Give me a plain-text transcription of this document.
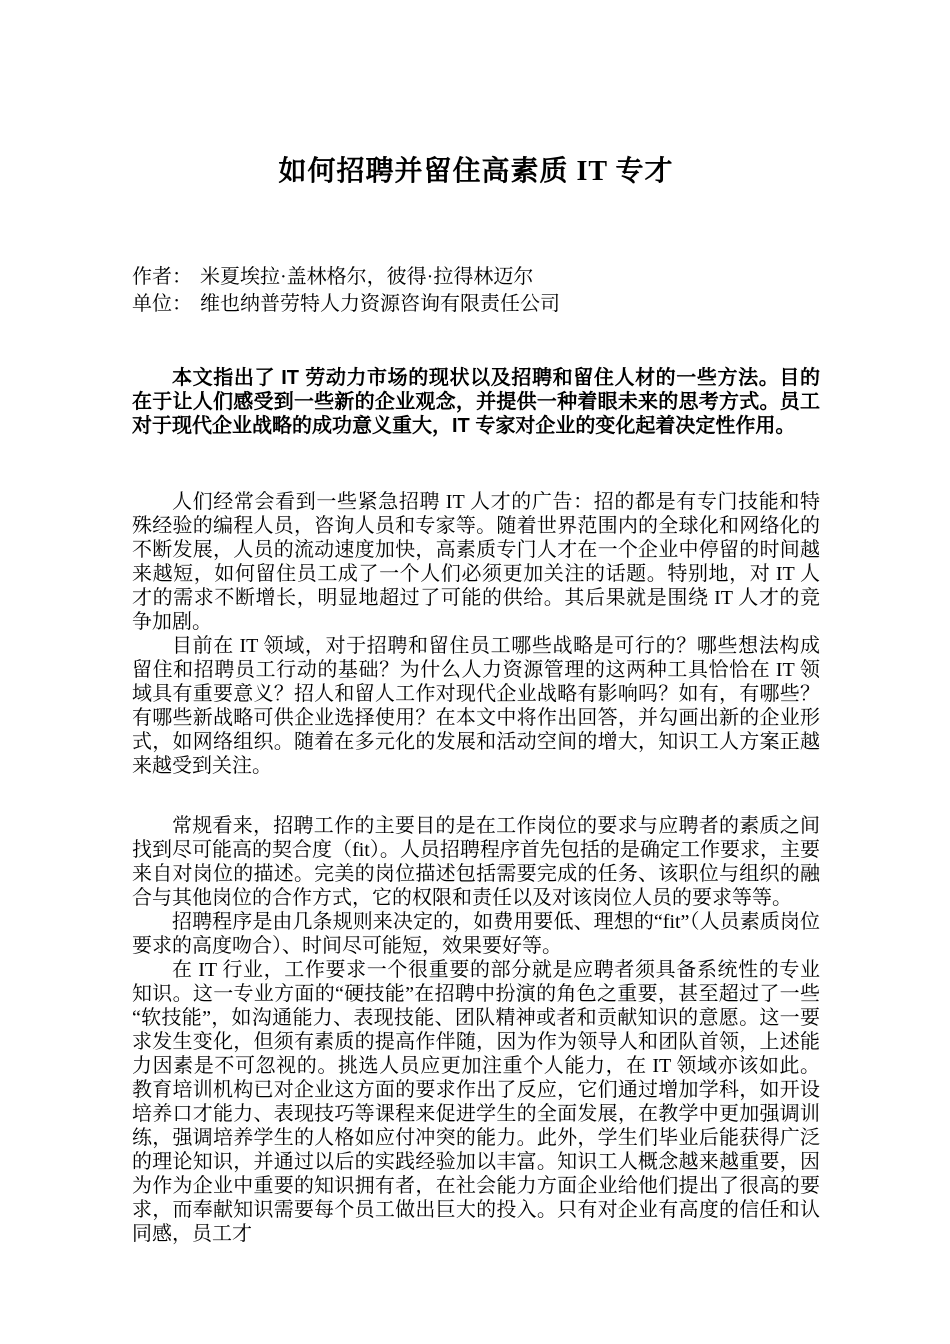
如何招聘并留住高素质 IT 专才
作者： 米夏埃拉·盖林格尔，彼得·拉得林迈尔
单位： 维也纳普劳特人力资源咨询有限责任公司

本文指出了 IT 劳动力市场的现状以及招聘和留住人材的一些方法。目的在于让人们感受到一些新的企业观念，并提供一种着眼未来的思考方式。员工对于现代企业战略的成功意义重大，IT 专家对企业的变化起着决定性作用。

人们经常会看到一些紧急招聘 IT 人才的广告：招的都是有专门技能和特殊经验的编程人员，咨询人员和专家等。随着世界范围内的全球化和网络化的不断发展，人员的流动速度加快，高素质专门人才在一个企业中停留的时间越来越短，如何留住员工成了一个人们必须更加关注的话题。特别地，对 IT 人才的需求不断增长，明显地超过了可能的供给。其后果就是围绕 IT 人才的竞争加剧。

目前在 IT 领域，对于招聘和留住员工哪些战略是可行的？哪些想法构成留住和招聘员工行动的基础？为什么人力资源管理的这两种工具恰恰在 IT 领域具有重要意义？招人和留人工作对现代企业战略有影响吗？如有，有哪些？有哪些新战略可供企业选择使用？在本文中将作出回答，并勾画出新的企业形式，如网络组织。随着在多元化的发展和活动空间的增大，知识工人方案正越来越受到关注。

常规看来，招聘工作的主要目的是在工作岗位的要求与应聘者的素质之间找到尽可能高的契合度（fit）。人员招聘程序首先包括的是确定工作要求，主要来自对岗位的描述。完美的岗位描述包括需要完成的任务、该职位与组织的融合与其他岗位的合作方式，它的权限和责任以及对该岗位人员的要求等等。

招聘程序是由几条规则来决定的，如费用要低、理想的“fit”（人员素质岗位要求的高度吻合）、时间尽可能短，效果要好等。

在 IT 行业，工作要求一个很重要的部分就是应聘者须具备系统性的专业知识。这一专业方面的“硬技能”在招聘中扮演的角色之重要，甚至超过了一些“软技能”，如沟通能力、表现技能、团队精神或者和贡献知识的意愿。这一要求发生变化，但须有素质的提高作伴随，因为作为领导人和团队首领，上述能力因素是不可忽视的。挑选人员应更加注重个人能力，在 IT 领域亦该如此。教育培训机构已对企业这方面的要求作出了反应，它们通过增加学科，如开设培养口才能力、表现技巧等课程来促进学生的全面发展，在教学中更加强调训练，强调培养学生的人格如应付冲突的能力。此外，学生们毕业后能获得广泛的理论知识，并通过以后的实践经验加以丰富。知识工人概念越来越重要，因为作为企业中重要的知识拥有者，在社会能力方面企业给他们提出了很高的要求，而奉献知识需要每个员工做出巨大的投入。只有对企业有高度的信任和认同感，员工才
